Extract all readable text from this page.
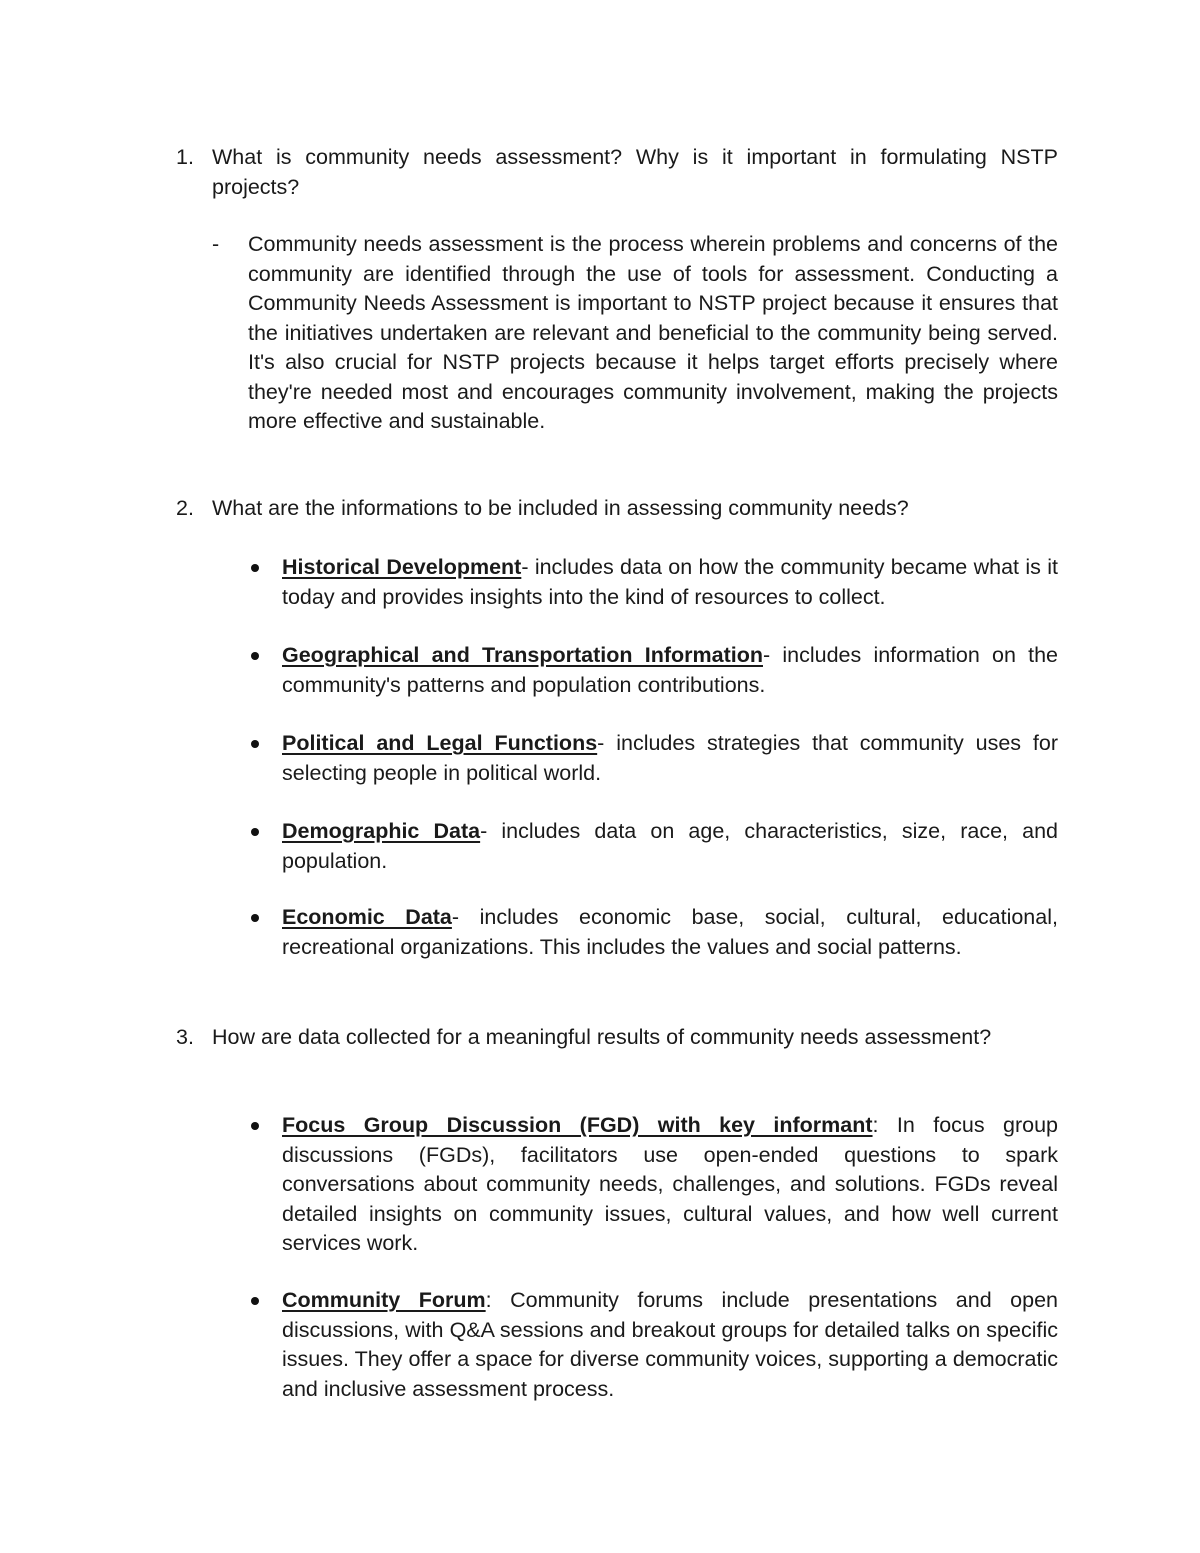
1. What is community needs assessment? Why is it important in formulating NSTP projects?
- Community needs assessment is the process wherein problems and concerns of the community are identified through the use of tools for assessment. Conducting a Community Needs Assessment is important to NSTP project because it ensures that the initiatives undertaken are relevant and beneficial to the community being served. It's also crucial for NSTP projects because it helps target efforts precisely where they're needed most and encourages community involvement, making the projects more effective and sustainable.
2. What are the informations to be included in assessing community needs?
Historical Development- includes data on how the community became what is it today and provides insights into the kind of resources to collect.
Geographical and Transportation Information- includes information on the community's patterns and population contributions.
Political and Legal Functions- includes strategies that community uses for selecting people in political world.
Demographic Data- includes data on age, characteristics, size, race, and population.
Economic Data- includes economic base, social, cultural, educational, recreational organizations. This includes the values and social patterns.
3. How are data collected for a meaningful results of community needs assessment?
Focus Group Discussion (FGD) with key informant: In focus group discussions (FGDs), facilitators use open-ended questions to spark conversations about community needs, challenges, and solutions. FGDs reveal detailed insights on community issues, cultural values, and how well current services work.
Community Forum: Community forums include presentations and open discussions, with Q&A sessions and breakout groups for detailed talks on specific issues. They offer a space for diverse community voices, supporting a democratic and inclusive assessment process.
